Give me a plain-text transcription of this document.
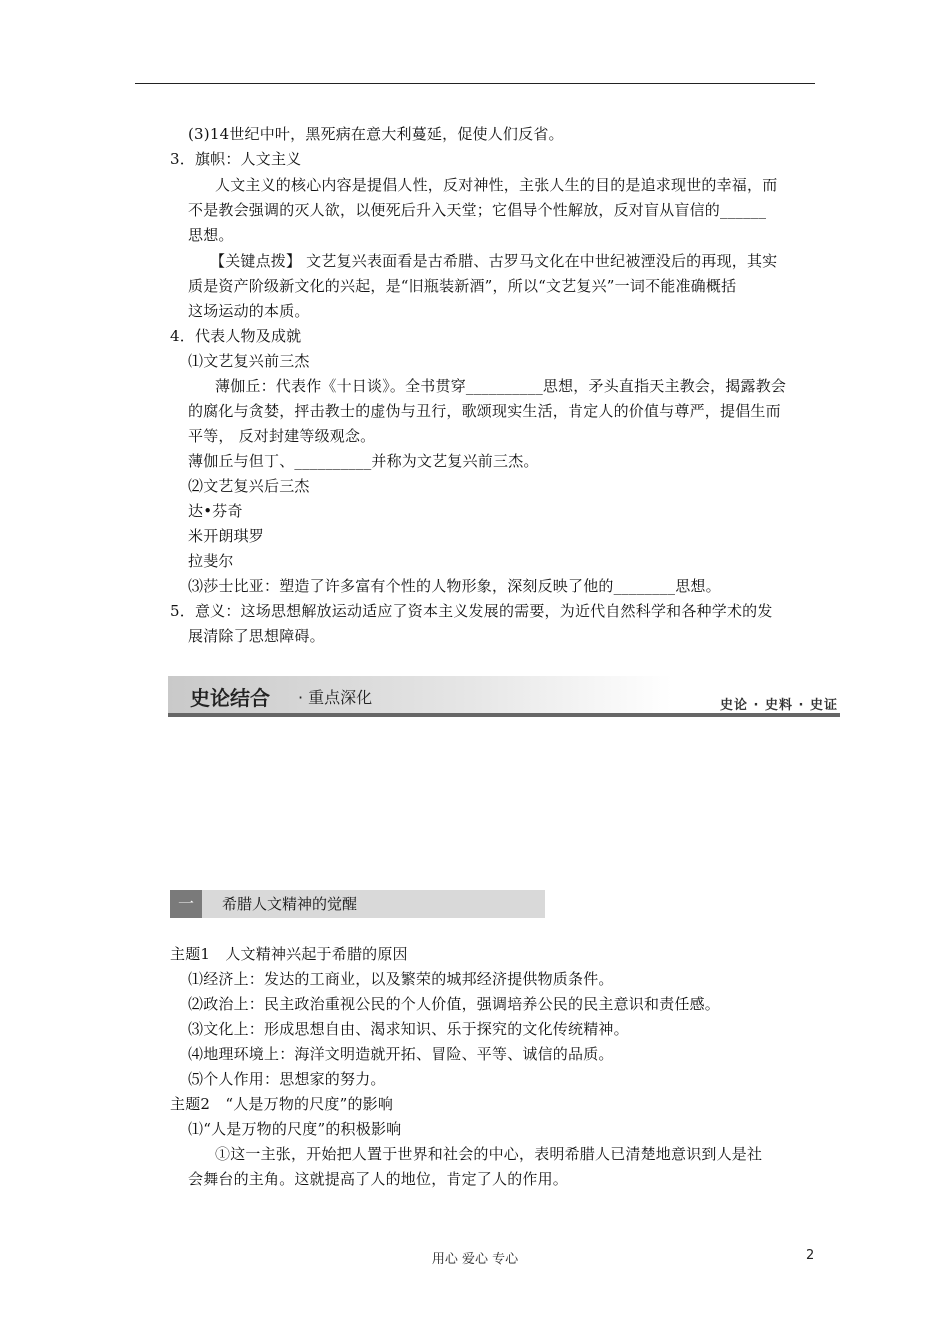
(3)14世纪中叶，黑死病在意大利蔓延，促使人们反省。
3．旗帜：人文主义
人文主义的核心内容是提倡人性，反对神性，主张人生的目的是追求现世的幸福，而
不是教会强调的灭人欲，以便死后升入天堂；它倡导个性解放，反对盲从盲信的______
思想。
【关键点拨】 文艺复兴表面看是古希腊、古罗马文化在中世纪被湮没后的再现，其实
质是资产阶级新文化的兴起，是“旧瓶装新酒”，所以“文艺复兴”一词不能准确概括
这场运动的本质。
4．代表人物及成就
⑴文艺复兴前三杰
薄伽丘：代表作《十日谈》。全书贯穿__________思想，矛头直指天主教会，揭露教会
的腐化与贪婪，抨击教士的虚伪与丑行，歌颂现实生活，肯定人的价值与尊严，提倡生而
平等， 反对封建等级观念。
薄伽丘与但丁、__________并称为文艺复兴前三杰。
⑵文艺复兴后三杰
达•芬奇
米开朗琪罗
拉斐尔
⑶莎士比亚：塑造了许多富有个性的人物形象，深刻反映了他的________思想。
5．意义：这场思想解放运动适应了资本主义发展的需要，为近代自然科学和各种学术的发
展清除了思想障碍。
史论结合 · 重点深化	史论 · 史料 · 史证
一	希腊人文精神的觉醒
主题1　人文精神兴起于希腊的原因
⑴经济上：发达的工商业，以及繁荣的城邦经济提供物质条件。
⑵政治上：民主政治重视公民的个人价值，强调培养公民的民主意识和责任感。
⑶文化上：形成思想自由、渴求知识、乐于探究的文化传统精神。
⑷地理环境上：海洋文明造就开拓、冒险、平等、诚信的品质。
⑸个人作用：思想家的努力。
主题2　“人是万物的尺度”的影响
⑴“人是万物的尺度”的积极影响
①这一主张，开始把人置于世界和社会的中心，表明希腊人已清楚地意识到人是社
会舞台的主角。这就提高了人的地位，肯定了人的作用。
用心 爱心 专心	2
